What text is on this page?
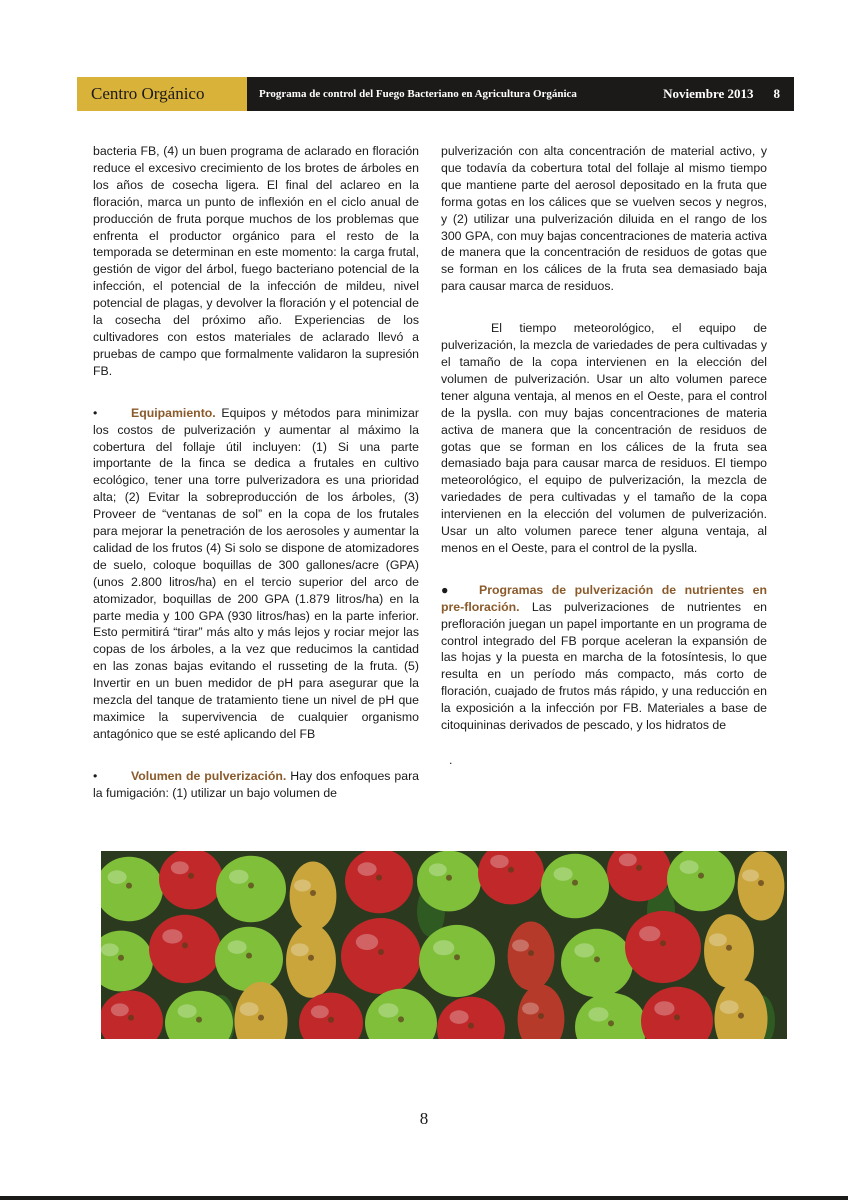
Centro Orgánico	Programa de control del Fuego Bacteriano en Agricultura Orgánica	Noviembre 2013	8

bacteria FB, (4) un buen programa de aclarado en floración reduce el excesivo crecimiento de los brotes de árboles en los años de cosecha ligera. El final del aclareo en la floración, marca un punto de inflexión en el ciclo anual de producción de fruta porque muchos de los problemas que enfrenta el productor orgánico para el resto de la temporada se determinan en este momento: la carga frutal, gestión de vigor del árbol, fuego bacteriano potencial de la infección, el potencial de la infección de mildeu, nivel potencial de plagas, y devolver la floración y el potencial de la cosecha del próximo año. Experiencias de los cultivadores con estos materiales de aclarado llevó a pruebas de campo que formalmente validaron la supresión FB.

•	Equipamiento. Equipos y métodos para minimizar los costos de pulverización y aumentar al máximo la cobertura del follaje útil incluyen: (1) Si una parte importante de la finca se dedica a frutales en cultivo ecológico, tener una torre pulverizadora es una prioridad alta; (2) Evitar la sobreproducción de los árboles, (3) Proveer de “ventanas de sol” en la copa de los frutales para mejorar la penetración de los aerosoles y aumentar la calidad de los frutos (4) Si solo se dispone de atomizadores de suelo, coloque boquillas de 300 gallones/acre (GPA) (unos 2.800 litros/ha) en el tercio superior del arco de atomizador, boquillas de 200 GPA (1.879 litros/ha) en la parte media y 100 GPA (930 litros/has) en la parte inferior. Esto permitirá “tirar” más alto y más lejos y rociar mejor las copas de los árboles, a la vez que reducimos la cantidad en las zonas bajas evitando el russeting de la fruta. (5) Invertir en un buen medidor de pH para asegurar que la mezcla del tanque de tratamiento tiene un nivel de pH que maximice la supervivencia de cualquier organismo antagónico que se esté aplicando del FB

•	Volumen de pulverización. Hay dos enfoques para la fumigación: (1) utilizar un bajo volumen de

pulverización con alta concentración de material activo, y que todavía da cobertura total del follaje al mismo tiempo que mantiene parte del aerosol depositado en la fruta que forma gotas en los cálices que se vuelven secos y negros, y (2) utilizar una pulverización diluida en el rango de los 300 GPA, con muy bajas concentraciones de materia activa de manera que la concentración de residuos de gotas que se forman en los cálices de la fruta sea demasiado baja para causar marca de residuos.

El tiempo meteorológico, el equipo de pulverización, la mezcla de variedades de pera cultivadas y el tamaño de la copa intervienen en la elección del volumen de pulverización. Usar un alto volumen parece tener alguna ventaja, al menos en el Oeste, para el control de la pyslla. con muy bajas concentraciones de materia activa de manera que la concentración de residuos de gotas que se forman en los cálices de la fruta sea demasiado baja para causar marca de residuos. El tiempo meteorológico, el equipo de pulverización, la mezcla de variedades de pera cultivadas y el tamaño de la copa intervienen en la elección del volumen de pulverización. Usar un alto volumen parece tener alguna ventaja, al menos en el Oeste, para el control de la pyslla.

● Programas de pulverización de nutrientes en pre-floración. Las pulverizaciones de nutrientes en prefloración juegan un papel importante en un programa de control integrado del FB porque aceleran la expansión de las hojas y la puesta en marcha de la fotosíntesis, lo que resulta en un período más compacto, más corto de floración, cuajado de frutos más rápido, y una reducción en la exposición a la infección por FB. Materiales a base de citoquininas derivados de pescado, y los hidratos de

.
8
